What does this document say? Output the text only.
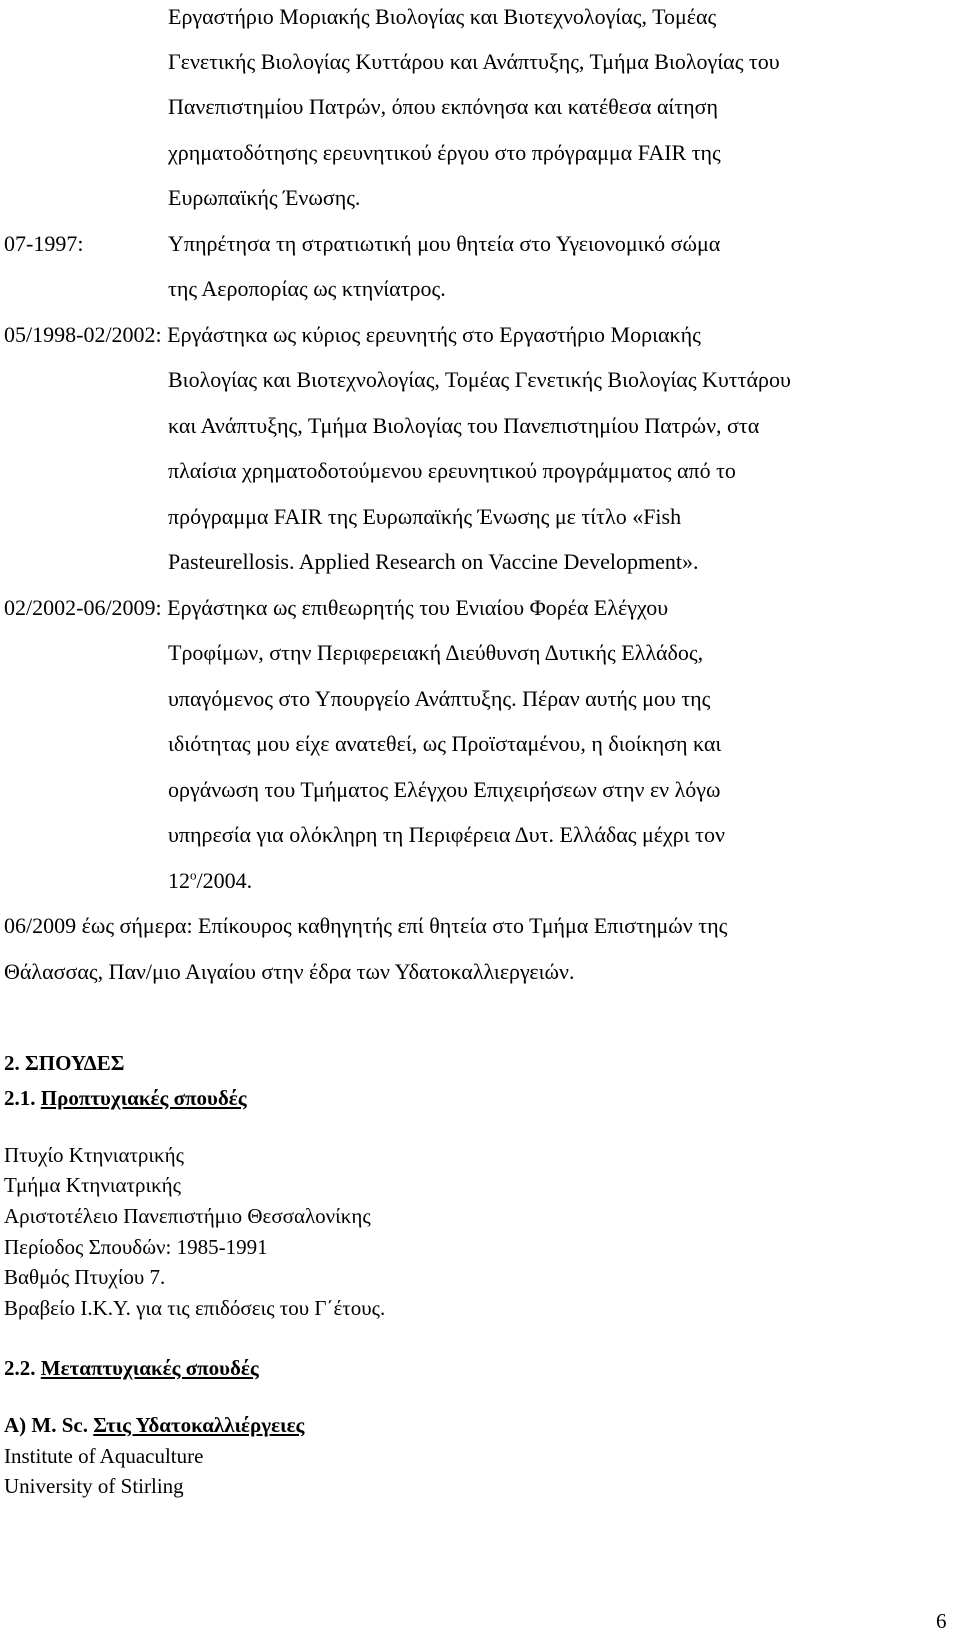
Εργαστήριο Μοριακής Βιολογίας και Βιοτεχνολογίας, Τομέας
Γενετικής Βιολογίας Κυττάρου και Ανάπτυξης, Τμήμα Βιολογίας του
Πανεπιστημίου Πατρών, όπου εκπόνησα και κατέθεσα αίτηση
χρηματοδότησης ερευνητικού έργου στο πρόγραμμα FAIR της
Ευρωπαϊκής Ένωσης.
07-1997:	Υπηρέτησα τη στρατιωτική μου θητεία στο Υγειονομικό σώμα
της Αεροπορίας ως κτηνίατρος.
05/1998-02/2002: Εργάστηκα ως κύριος ερευνητής στο Εργαστήριο Μοριακής
Βιολογίας και Βιοτεχνολογίας, Τομέας Γενετικής Βιολογίας Κυττάρου
και Ανάπτυξης, Τμήμα Βιολογίας του Πανεπιστημίου Πατρών, στα
πλαίσια χρηματοδοτούμενου ερευνητικού προγράμματος από το
πρόγραμμα FAIR της Ευρωπαϊκής Ένωσης με τίτλο «Fish
Pasteurellosis. Applied Research on Vaccine Development».
02/2002-06/2009: Εργάστηκα ως επιθεωρητής του Ενιαίου Φορέα Ελέγχου
Τροφίμων, στην Περιφερειακή Διεύθυνση Δυτικής Ελλάδος,
υπαγόμενος στο Υπουργείο Ανάπτυξης. Πέραν αυτής μου της
ιδιότητας μου είχε ανατεθεί, ως Προϊσταμένου, η διοίκηση και
οργάνωση του Τμήματος Ελέγχου Επιχειρήσεων στην εν λόγω
υπηρεσία για ολόκληρη τη Περιφέρεια Δυτ. Ελλάδας μέχρι τον
$12^o/2004$.
06/2009 έως σήμερα: Επίκουρος καθηγητής επί θητεία στο Τμήμα Επιστημών της
Θάλασσας, Παν/μιο Αιγαίου στην έδρα των Υδατοκαλλιεργειών.
2. ΣΠΟΥΔΕΣ
2.1. Προπτυχιακές σπουδές
Πτυχίο Κτηνιατρικής
Τμήμα Κτηνιατρικής
Αριστοτέλειο Πανεπιστήμιο Θεσσαλονίκης
Περίοδος Σπουδών: 1985-1991
Βαθμός Πτυχίου 7.
Βραβείο Ι.Κ.Υ. για τις επιδόσεις του Γ΄έτους.
2.2. Μεταπτυχιακές σπουδές
Α) M. Sc. Στις Υδατοκαλλιέργειες
Institute of Aquaculture
University of Stirling
6
